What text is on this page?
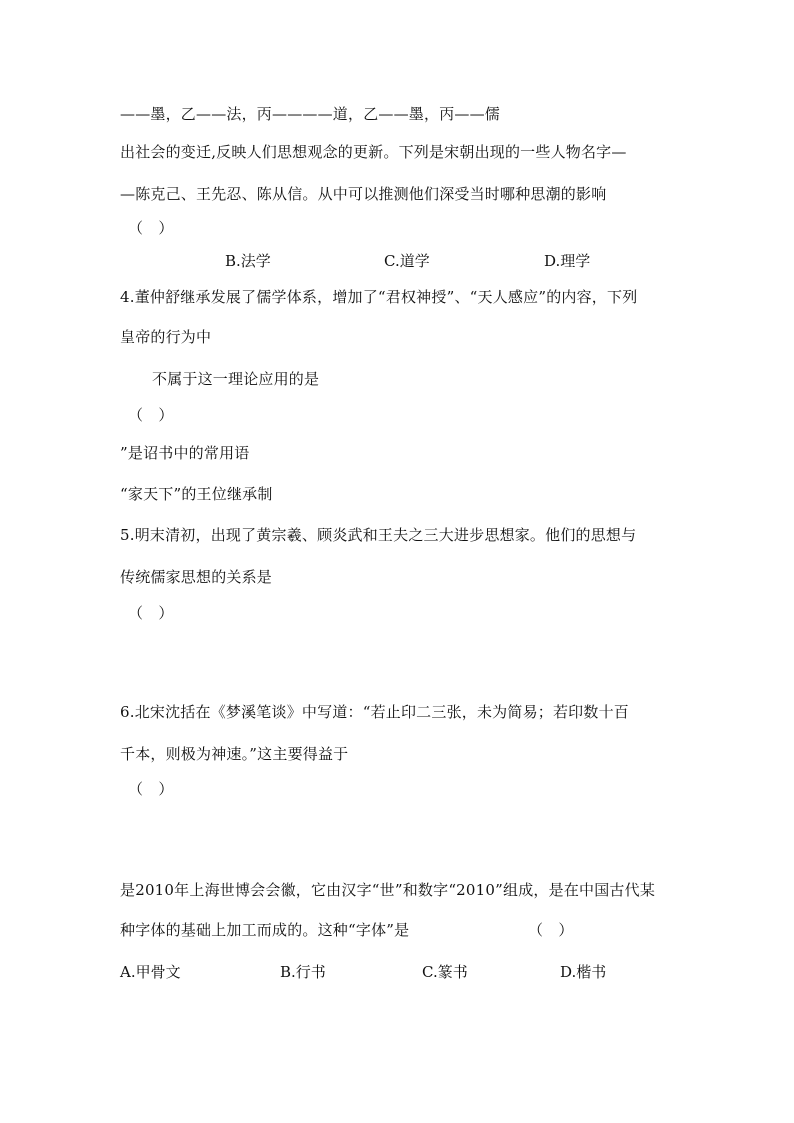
——墨，乙——法，丙————道，乙——墨，丙——儒
出社会的变迁,反映人们思想观念的更新。下列是宋朝出现的一些人物名字—
—陈克己、王先忍、陈从信。从中可以推测他们深受当时哪种思潮的影响
（　）
B.法学	C.道学	D.理学
4.董仲舒继承发展了儒学体系，增加了“君权神授”、“天人感应”的内容，下列
皇帝的行为中
不属于这一理论应用的是
（　）
”是诏书中的常用语
“家天下”的王位继承制
5.明末清初，出现了黄宗羲、顾炎武和王夫之三大进步思想家。他们的思想与
传统儒家思想的关系是
（　）
6.北宋沈括在《梦溪笔谈》中写道：“若止印二三张，未为简易；若印数十百
千本，则极为神速。”这主要得益于
（　）
是2010年上海世博会会徽，它由汉字“世”和数字“2010”组成，是在中国古代某
种字体的基础上加工而成的。这种“字体”是	（　）
A.甲骨文	B.行书	C.篆书	D.楷书
